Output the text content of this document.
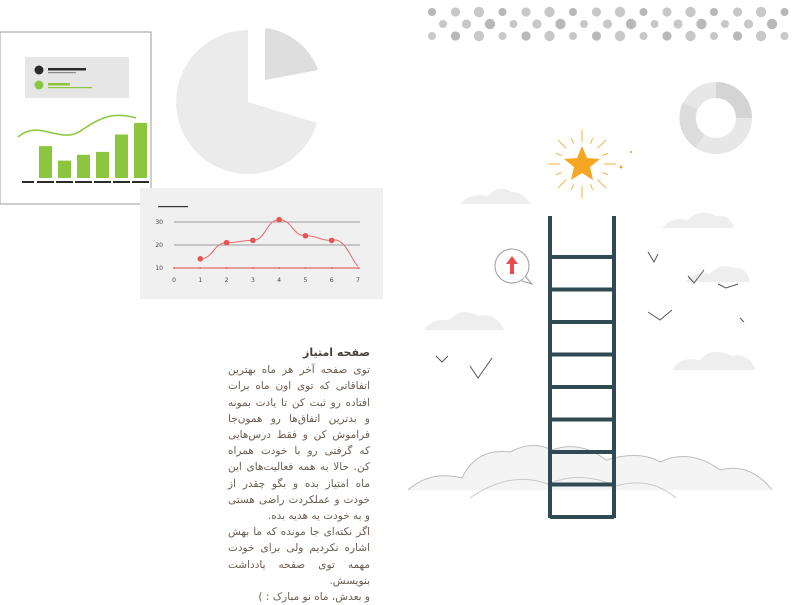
10
20
30
0	1	2	3	4	5	6	7
صفحه امتیاز

توی صفحه آخر هر ماه بهترین اتفاقاتی که توی اون ماه برات افتاده رو ثبت کن تا یادت بمونه و بدترین اتفاق‌ها رو همون‌جا فراموش کن و فقط درس‌هایی که گرفتی رو با خودت همراه کن. حالا به همه فعالیت‌های این ماه امتیاز بده و بگو چقدر از خودت و عملکردت راضی هستی و به خودت یه هدیه بده.

اگر نکته‌ای جا مونده که ما بهش اشاره نکردیم ولی برای خودت مهمه توی صفحه یادداشت بنویسش.

و بعدش، ماه نو مبارک : )
